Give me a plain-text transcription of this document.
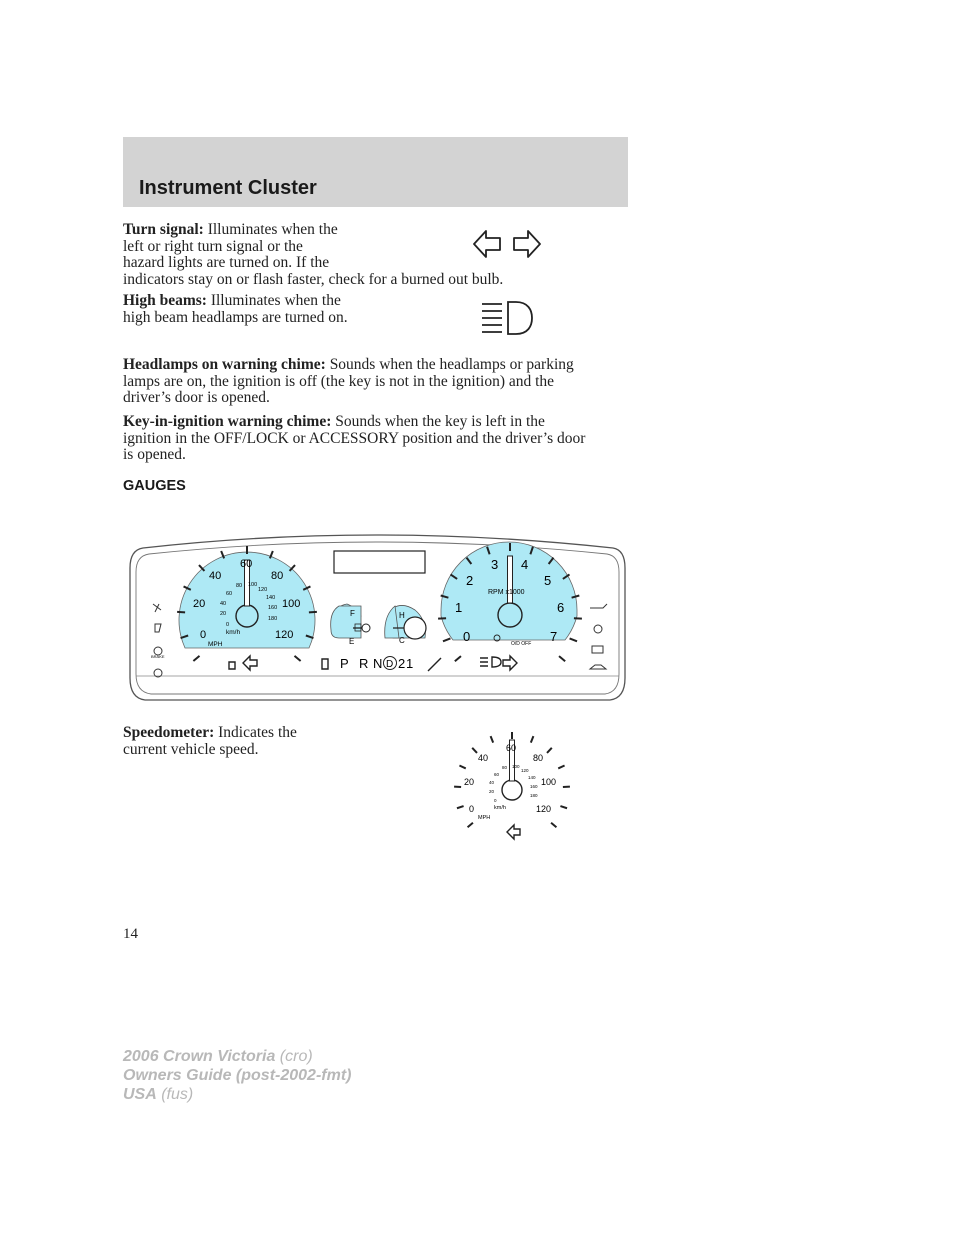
Instrument Cluster

Turn signal: Illuminates when the
left or right turn signal or the
hazard lights are turned on. If the
indicators stay on or flash faster, check for a burned out bulb.

High beams: Illuminates when the
high beam headlamps are turned on.

Headlamps on warning chime: Sounds when the headlamps or parking
lamps are on, the ignition is off (the key is not in the ignition) and the
driver’s door is opened.

Key-in-ignition warning chime: Sounds when the key is left in the
ignition in the OFF/LOCK or ACCESSORY position and the driver’s door
is opened.

GAUGES
0
20
40
60
80
100
120
0
20
40
60
80 100
120
140
160
180
km/h
MPH
F
E
H
C	0
1
2
3 4
5
6
7
RPM x1000
O/D OFF
BRAKE	P R N D 2 1

Speedometer: Indicates the
current vehicle speed.

0
20
40
60
80
100
120
0
20
40
60
80 100
120
140
160
180
km/h
MPH
14
2006 Crown Victoria (cro)
Owners Guide (post-2002-fmt)
USA (fus)
